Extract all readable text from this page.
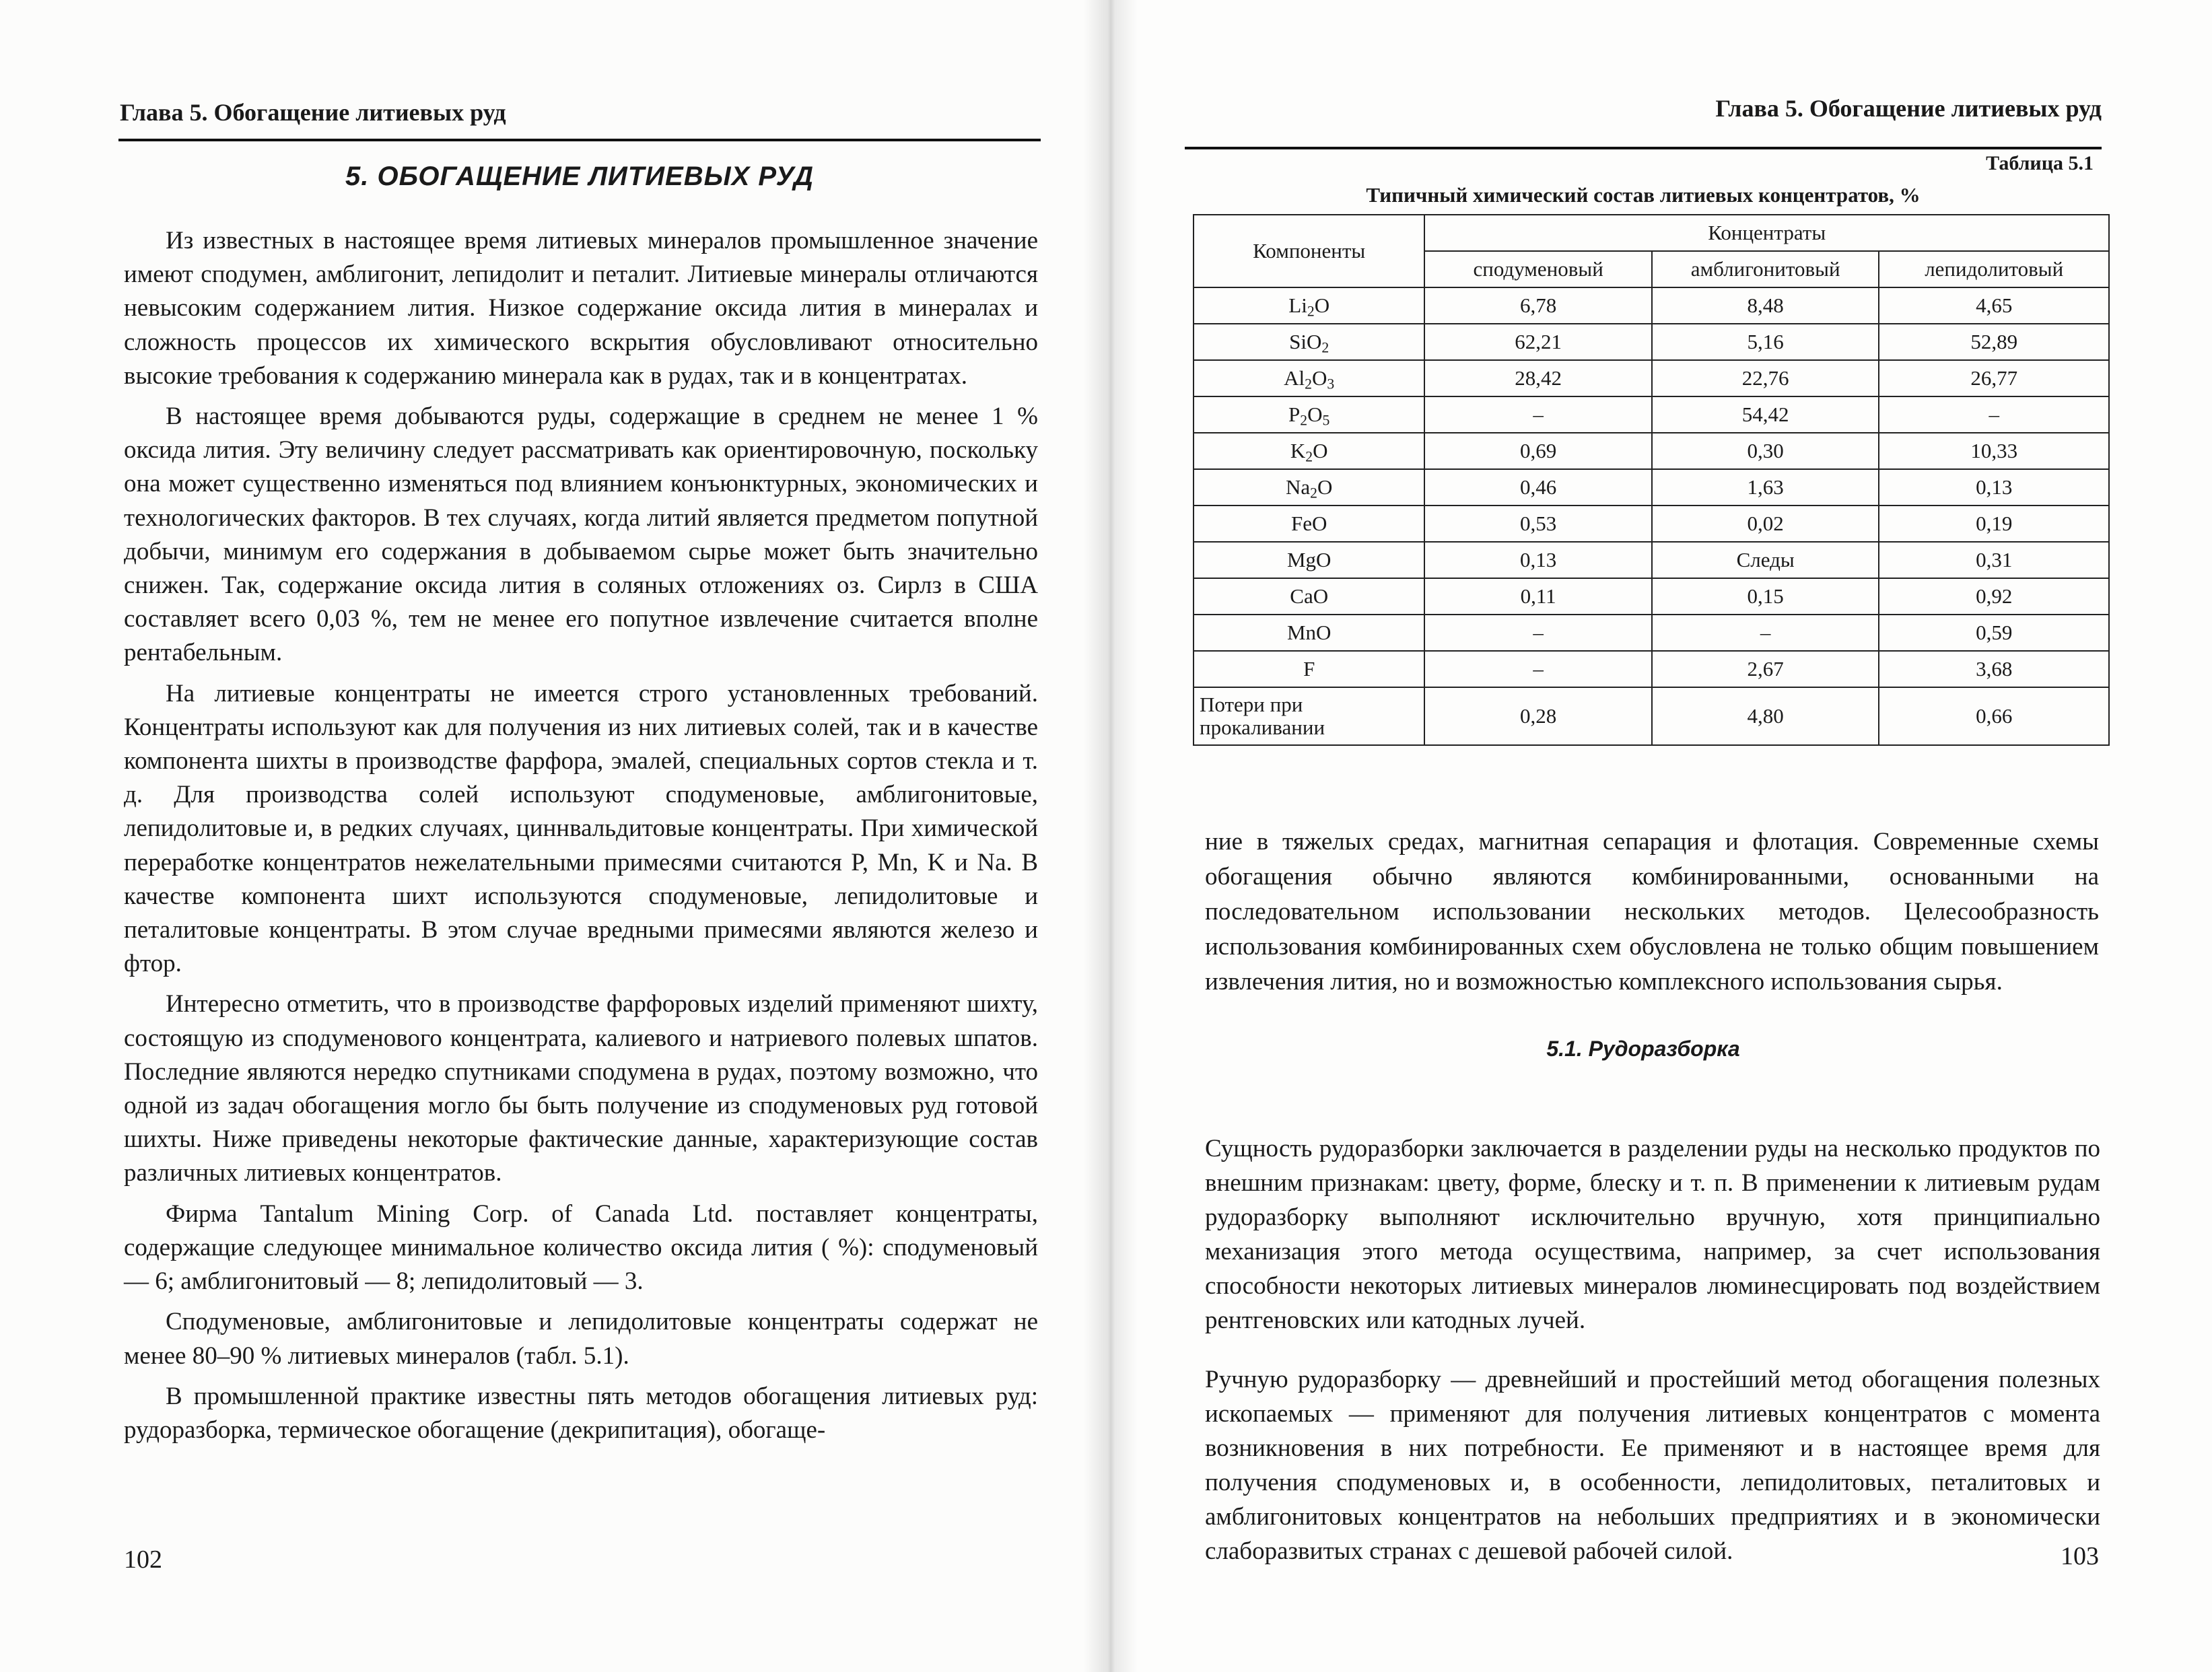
Глава 5. Обогащение литиевых руд
5. ОБОГАЩЕНИЕ ЛИТИЕВЫХ РУД

Из известных в настоящее время литиевых минералов промышленное значение имеют сподумен, амблигонит, лепидолит и петалит. Литиевые минералы отличаются невысоким содержанием лития. Низкое содержание оксида лития в минералах и сложность процессов их химического вскрытия обусловливают относительно высокие требования к содержанию минерала как в рудах, так и в концентратах.

В настоящее время добываются руды, содержащие в среднем не менее 1 % оксида лития. Эту величину следует рассматривать как ориентировочную, поскольку она может существенно изменяться под влиянием конъюнктурных, экономических и технологических факторов. В тех случаях, когда литий является предметом попутной добычи, минимум его содержания в добываемом сырье может быть значительно снижен. Так, содержание оксида лития в соляных отложениях оз. Сирлз в США составляет всего 0,03 %, тем не менее его попутное извлечение считается вполне рентабельным.

На литиевые концентраты не имеется строго установленных требований. Концентраты используют как для получения из них литиевых солей, так и в качестве компонента шихты в производстве фарфора, эмалей, специальных сортов стекла и т. д. Для производства солей используют сподуменовые, амблигонитовые, лепидолитовые и, в редких случаях, циннвальдитовые концентраты. При химической переработке концентратов нежелательными примесями считаются P, Mn, K и Na. В качестве компонента шихт используются сподуменовые, лепидолитовые и петалитовые концентраты. В этом случае вредными примесями являются железо и фтор.

Интересно отметить, что в производстве фарфоровых изделий применяют шихту, состоящую из сподуменового концентрата, калиевого и натриевого полевых шпатов. Последние являются нередко спутниками сподумена в рудах, поэтому возможно, что одной из задач обогащения могло бы быть получение из сподуменовых руд готовой шихты. Ниже приведены некоторые фактические данные, характеризующие состав различных литиевых концентратов.

Фирма Tantalum Mining Corp. of Canada Ltd. поставляет концентраты, содержащие следующее минимальное количество оксида лития ( %): сподуменовый — 6; амблигонитовый — 8; лепидолитовый — 3.

Сподуменовые, амблигонитовые и лепидолитовые концентраты содержат не менее 80–90 % литиевых минералов (табл. 5.1).

В промышленной практике известны пять методов обогащения литиевых руд: рудоразборка, термическое обогащение (декрипитация), обогаще-

102
Глава 5. Обогащение литиевых руд
Таблица 5.1
Типичный химический состав литиевых концентратов, %
Компоненты	Концентраты		
	сподуменовый	амблигонитовый	лепидолитовый
$Li_2O$	6,78	8,48	4,65
SiO$_2$	62,21	5,16	52,89
$Al_2O_3$	28,42	22,76	26,77
$P_2O_5$	–	54,42	–
$K_2O$	0,69	0,30	10,33
$Na_2O$	0,46	1,63	0,13
FeO	0,53	0,02	0,19
MgO	0,13	Следы	0,31
CaO	0,11	0,15	0,92
MnO	–	–	0,59
F	–	2,67	3,68
Потери при прокаливании	0,28	4,80	0,66

ние в тяжелых средах, магнитная сепарация и флотация. Современные схемы обогащения обычно являются комбинированными, основанными на последовательном использовании нескольких методов. Целесообразность использования комбинированных схем обусловлена не только общим повышением извлечения лития, но и возможностью комплексного использования сырья.

5.1. Рудоразборка

Сущность рудоразборки заключается в разделении руды на несколько продуктов по внешним признакам: цвету, форме, блеску и т. п. В применении к литиевым рудам рудоразборку выполняют исключительно вручную, хотя принципиально механизация этого метода осуществима, например, за счет использования способности некоторых литиевых минералов люминесцировать под воздействием рентгеновских или катодных лучей.

Ручную рудоразборку — древнейший и простейший метод обогащения полезных ископаемых — применяют для получения литиевых концентратов с момента возникновения в них потребности. Ее применяют и в настоящее время для получения сподуменовых и, в особенности, лепидолитовых, петалитовых и амблигонитовых концентратов на небольших предприятиях и в экономически слаборазвитых странах с дешевой рабочей силой.	103
